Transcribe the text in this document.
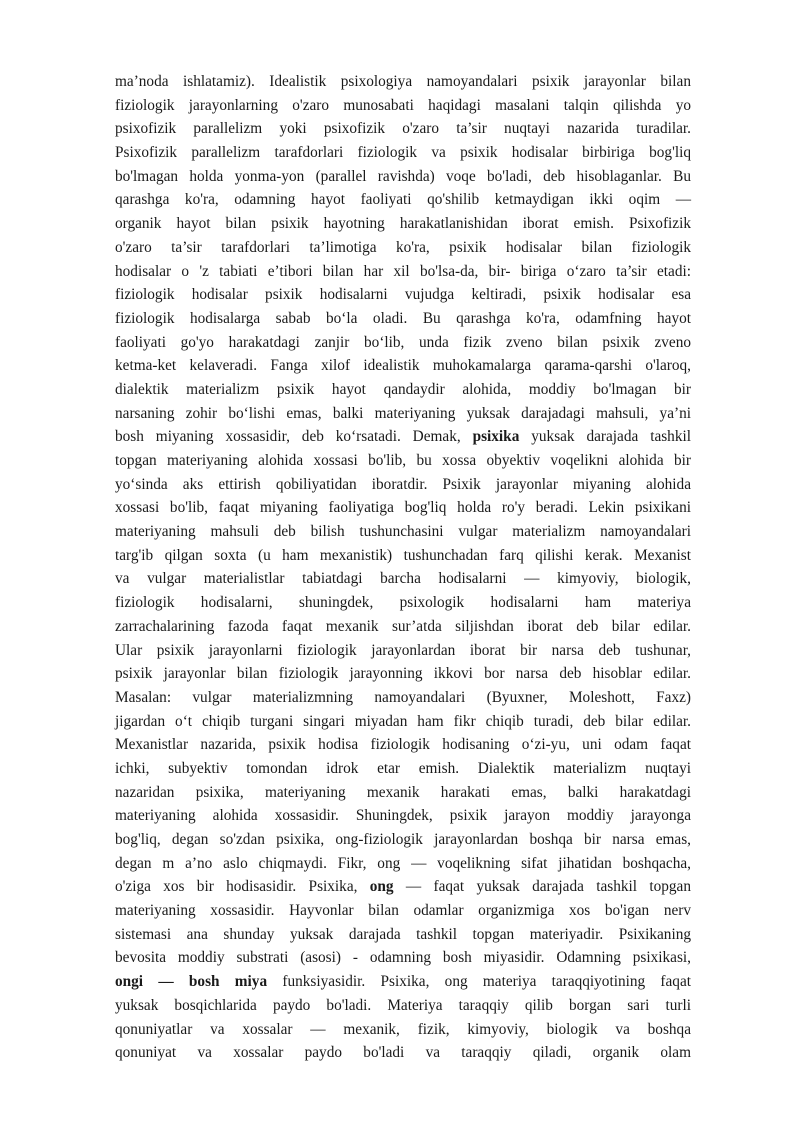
ma’noda ishlatamiz). Idealistik psixologiya namoyandalari psixik jarayonlar bilan
fiziologik jarayonlarning o'zaro munosabati haqidagi masalani talqin qilishda yo
psixofizik parallelizm yoki psixofizik o'zaro ta’sir nuqtayi nazarida turadilar.
Psixofizik parallelizm tarafdorlari fiziologik va psixik hodisalar birbiriga bog'liq
bo'lmagan holda yonma-yon (parallel ravishda) voqe bo'ladi, deb hisoblaganlar. Bu
qarashga ko'ra, odamning hayot faoliyati qo'shilib ketmaydigan ikki oqim —
organik hayot bilan psixik hayotning harakatlanishidan iborat emish. Psixofizik
o'zaro ta’sir tarafdorlari ta’limotiga ko'ra, psixik hodisalar bilan fiziologik
hodisalar o 'z tabiati e’tibori bilan har xil bo'lsa-da, bir- biriga o‘zaro ta’sir etadi:
fiziologik hodisalar psixik hodisalarni vujudga keltiradi, psixik hodisalar esa
fiziologik hodisalarga sabab bo‘la oladi. Bu qarashga ko'ra, odamfning hayot
faoliyati go'yo harakatdagi zanjir bo‘lib, unda fizik zveno bilan psixik zveno
ketma-ket kelaveradi. Fanga xilof idealistik muhokamalarga qarama-qarshi o'laroq,
dialektik materializm psixik hayot qandaydir alohida, moddiy bo'lmagan bir
narsaning zohir bo‘lishi emas, balki materiyaning yuksak darajadagi mahsuli, ya’ni
bosh miyaning xossasidir, deb ko‘rsatadi. Demak, psixika yuksak darajada tashkil
topgan materiyaning alohida xossasi bo'lib, bu xossa obyektiv voqelikni alohida bir
yo‘sinda aks ettirish qobiliyatidan iboratdir. Psixik jarayonlar miyaning alohida
xossasi bo'lib, faqat miyaning faoliyatiga bog'liq holda ro'y beradi. Lekin psixikani
materiyaning mahsuli deb bilish tushunchasini vulgar materializm namoyandalari
targ'ib qilgan soxta (u ham mexanistik) tushunchadan farq qilishi kerak. Mexanist
va vulgar materialistlar tabiatdagi barcha hodisalarni — kimyoviy, biologik,
fiziologik hodisalarni, shuningdek, psixologik hodisalarni ham materiya
zarrachalarining fazoda faqat mexanik sur’atda siljishdan iborat deb bilar edilar.
Ular psixik jarayonlarni fiziologik jarayonlardan iborat bir narsa deb tushunar,
psixik jarayonlar bilan fiziologik jarayonning ikkovi bor narsa deb hisoblar edilar.
Masalan: vulgar materializmning namoyandalari (Byuxner, Moleshott, Faxz)
jigardan o‘t chiqib turgani singari miyadan ham fikr chiqib turadi, deb bilar edilar.
Mexanistlar nazarida, psixik hodisa fiziologik hodisaning o‘zi-yu, uni odam faqat
ichki, subyektiv tomondan idrok etar emish. Dialektik materializm nuqtayi
nazaridan psixika, materiyaning mexanik harakati emas, balki harakatdagi
materiyaning alohida xossasidir. Shuningdek, psixik jarayon moddiy jarayonga
bog'liq, degan so'zdan psixika, ong-fiziologik jarayonlardan boshqa bir narsa emas,
degan m a’no aslo chiqmaydi. Fikr, ong — voqelikning sifat jihatidan boshqacha,
o'ziga xos bir hodisasidir. Psixika, ong — faqat yuksak darajada tashkil topgan
materiyaning xossasidir. Hayvonlar bilan odamlar organizmiga xos bo'igan nerv
sistemasi ana shunday yuksak darajada tashkil topgan materiyadir. Psixikaning
bevosita moddiy substrati (asosi) - odamning bosh miyasidir. Odamning psixikasi,
ongi — bosh miya funksiyasidir. Psixika, ong materiya taraqqiyotining faqat
yuksak bosqichlarida paydo bo'ladi. Materiya taraqqiy qilib borgan sari turli
qonuniyatlar va xossalar — mexanik, fizik, kimyoviy, biologik va boshqa
qonuniyat va xossalar paydo bo'ladi va taraqqiy qiladi, organik olam
